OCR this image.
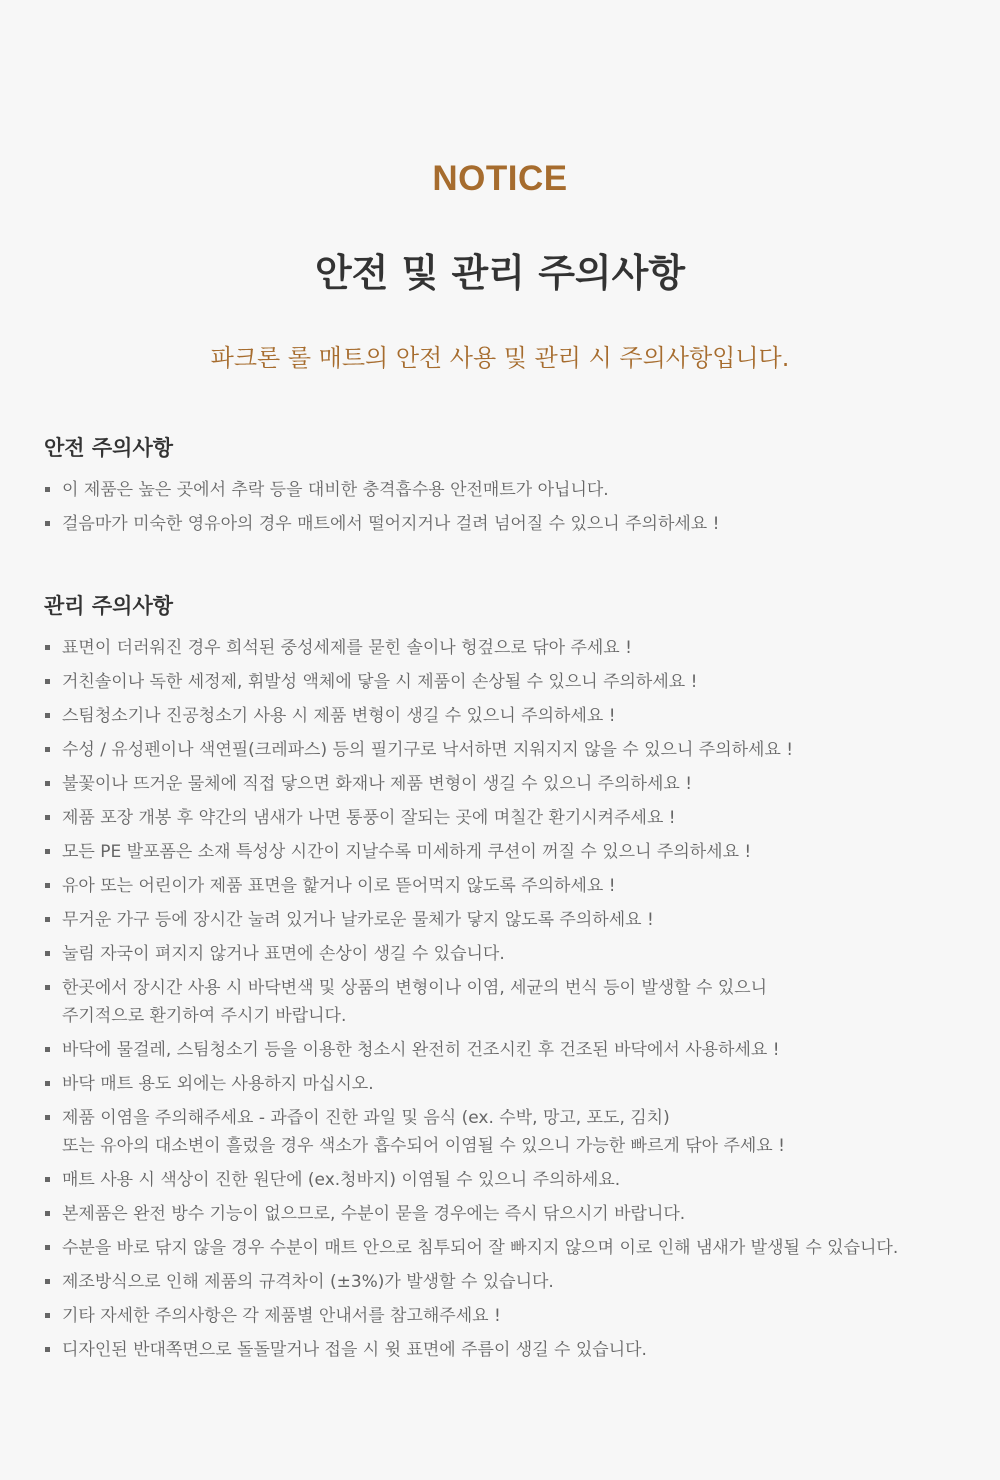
NOTICE
안전 및 관리 주의사항
파크론 롤 매트의 안전 사용 및 관리 시 주의사항입니다.
안전 주의사항
이 제품은 높은 곳에서 추락 등을 대비한 충격흡수용 안전매트가 아닙니다.
걸음마가 미숙한 영유아의 경우 매트에서 떨어지거나 걸려 넘어질 수 있으니 주의하세요 !
관리 주의사항
표면이 더러워진 경우 희석된 중성세제를 묻힌 솔이나 헝겊으로 닦아 주세요 !
거친솔이나 독한 세정제, 휘발성 액체에 닿을 시 제품이 손상될 수 있으니 주의하세요 !
스팀청소기나 진공청소기 사용 시 제품 변형이 생길 수 있으니 주의하세요 !
수성 / 유성펜이나 색연필(크레파스) 등의 필기구로 낙서하면 지워지지 않을 수 있으니 주의하세요 !
불꽃이나 뜨거운 물체에 직접 닿으면 화재나 제품 변형이 생길 수 있으니 주의하세요 !
제품 포장 개봉 후 약간의 냄새가 나면 통풍이 잘되는 곳에 며칠간 환기시켜주세요 !
모든 PE 발포폼은 소재 특성상 시간이 지날수록 미세하게 쿠션이 꺼질 수 있으니 주의하세요 !
유아 또는 어린이가 제품 표면을 핥거나 이로 뜯어먹지 않도록 주의하세요 !
무거운 가구 등에 장시간 눌려 있거나 날카로운 물체가 닿지 않도록 주의하세요 !
눌림 자국이 펴지지 않거나 표면에 손상이 생길 수 있습니다.
한곳에서 장시간 사용 시 바닥변색 및 상품의 변형이나 이염, 세균의 번식 등이 발생할 수 있으니
주기적으로 환기하여 주시기 바랍니다.
바닥에 물걸레, 스팀청소기 등을 이용한 청소시 완전히 건조시킨 후 건조된 바닥에서 사용하세요 !
바닥 매트 용도 외에는 사용하지 마십시오.
제품 이염을 주의해주세요 - 과즙이 진한 과일 및 음식 (ex. 수박, 망고, 포도, 김치)
또는 유아의 대소변이 흘렀을 경우 색소가 흡수되어 이염될 수 있으니 가능한 빠르게 닦아 주세요 !
매트 사용 시 색상이 진한 원단에 (ex.청바지) 이염될 수 있으니 주의하세요.
본제품은 완전 방수 기능이 없으므로, 수분이 묻을 경우에는 즉시 닦으시기 바랍니다.
수분을 바로 닦지 않을 경우 수분이 매트 안으로 침투되어 잘 빠지지 않으며 이로 인해 냄새가 발생될 수 있습니다.
제조방식으로 인해 제품의 규격차이 (±3%)가 발생할 수 있습니다.
기타 자세한 주의사항은 각 제품별 안내서를 참고해주세요 !
디자인된 반대쪽면으로 돌돌말거나 접을 시 윗 표면에 주름이 생길 수 있습니다.
